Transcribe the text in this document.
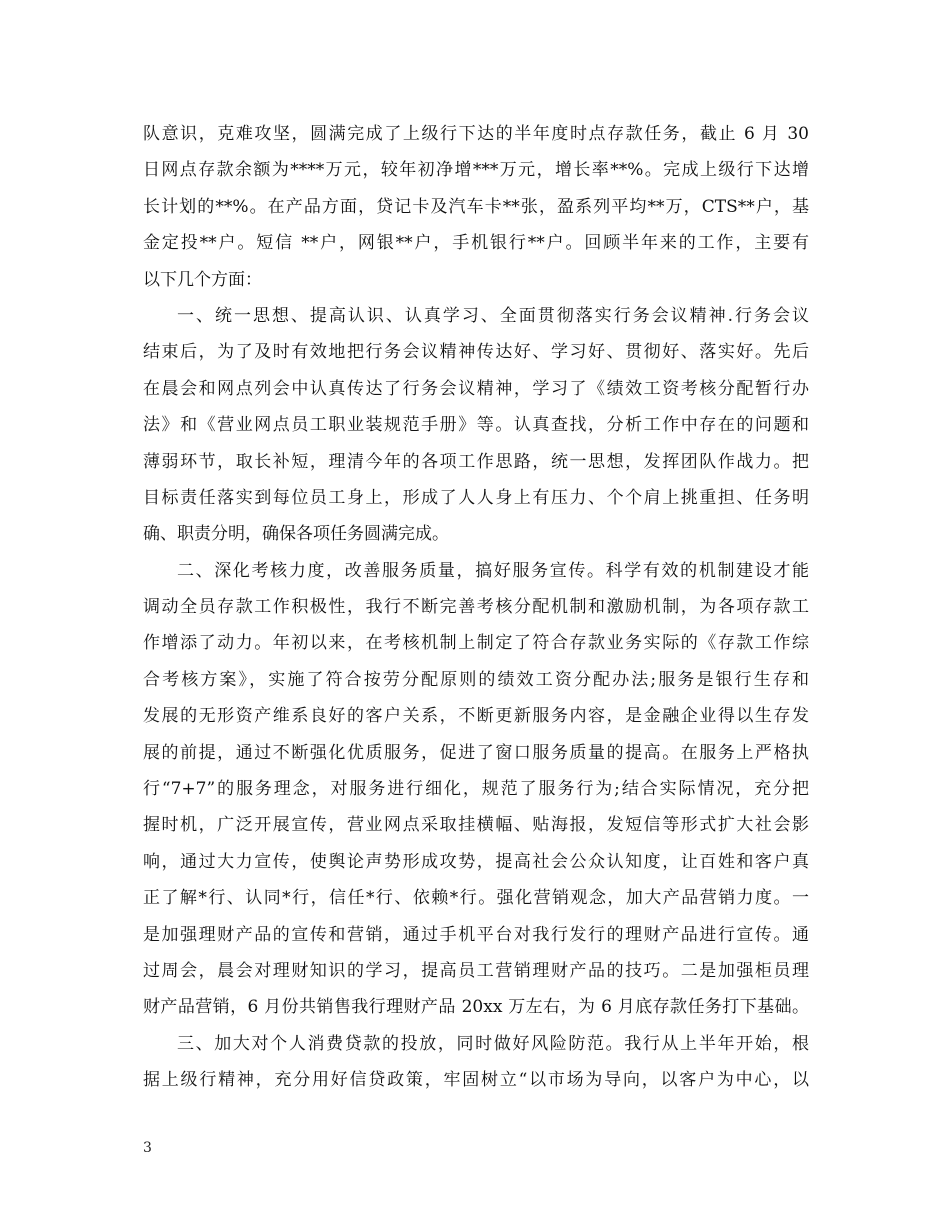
队意识，克难攻坚，圆满完成了上级行下达的半年度时点存款任务，截止 6 月 30
日网点存款余额为****万元，较年初净增***万元，增长率**%。完成上级行下达增
长计划的**%。在产品方面，贷记卡及汽车卡**张，盈系列平均**万，CTS**户，基
金定投**户。短信 **户，网银**户，手机银行**户。回顾半年来的工作，主要有
以下几个方面：
一、统一思想、提高认识、认真学习、全面贯彻落实行务会议精神.行务会议
结束后，为了及时有效地把行务会议精神传达好、学习好、贯彻好、落实好。先后
在晨会和网点列会中认真传达了行务会议精神，学习了《绩效工资考核分配暂行办
法》和《营业网点员工职业装规范手册》等。认真查找，分析工作中存在的问题和
薄弱环节，取长补短，理清今年的各项工作思路，统一思想，发挥团队作战力。把
目标责任落实到每位员工身上，形成了人人身上有压力、个个肩上挑重担、任务明
确、职责分明，确保各项任务圆满完成。
二、深化考核力度，改善服务质量，搞好服务宣传。科学有效的机制建设才能
调动全员存款工作积极性，我行不断完善考核分配机制和激励机制，为各项存款工
作增添了动力。年初以来，在考核机制上制定了符合存款业务实际的《存款工作综
合考核方案》，实施了符合按劳分配原则的绩效工资分配办法;服务是银行生存和
发展的无形资产维系良好的客户关系，不断更新服务内容，是金融企业得以生存发
展的前提，通过不断强化优质服务，促进了窗口服务质量的提高。在服务上严格执
行“7+7”的服务理念，对服务进行细化，规范了服务行为;结合实际情况，充分把
握时机，广泛开展宣传，营业网点采取挂横幅、贴海报，发短信等形式扩大社会影
响，通过大力宣传，使舆论声势形成攻势，提高社会公众认知度，让百姓和客户真
正了解*行、认同*行，信任*行、依赖*行。强化营销观念，加大产品营销力度。一
是加强理财产品的宣传和营销，通过手机平台对我行发行的理财产品进行宣传。通
过周会，晨会对理财知识的学习，提高员工营销理财产品的技巧。二是加强柜员理
财产品营销，6 月份共销售我行理财产品 20xx 万左右，为 6 月底存款任务打下基础。
三、加大对个人消费贷款的投放，同时做好风险防范。我行从上半年开始，根
据上级行精神，充分用好信贷政策，牢固树立“以市场为导向，以客户为中心，以
3
